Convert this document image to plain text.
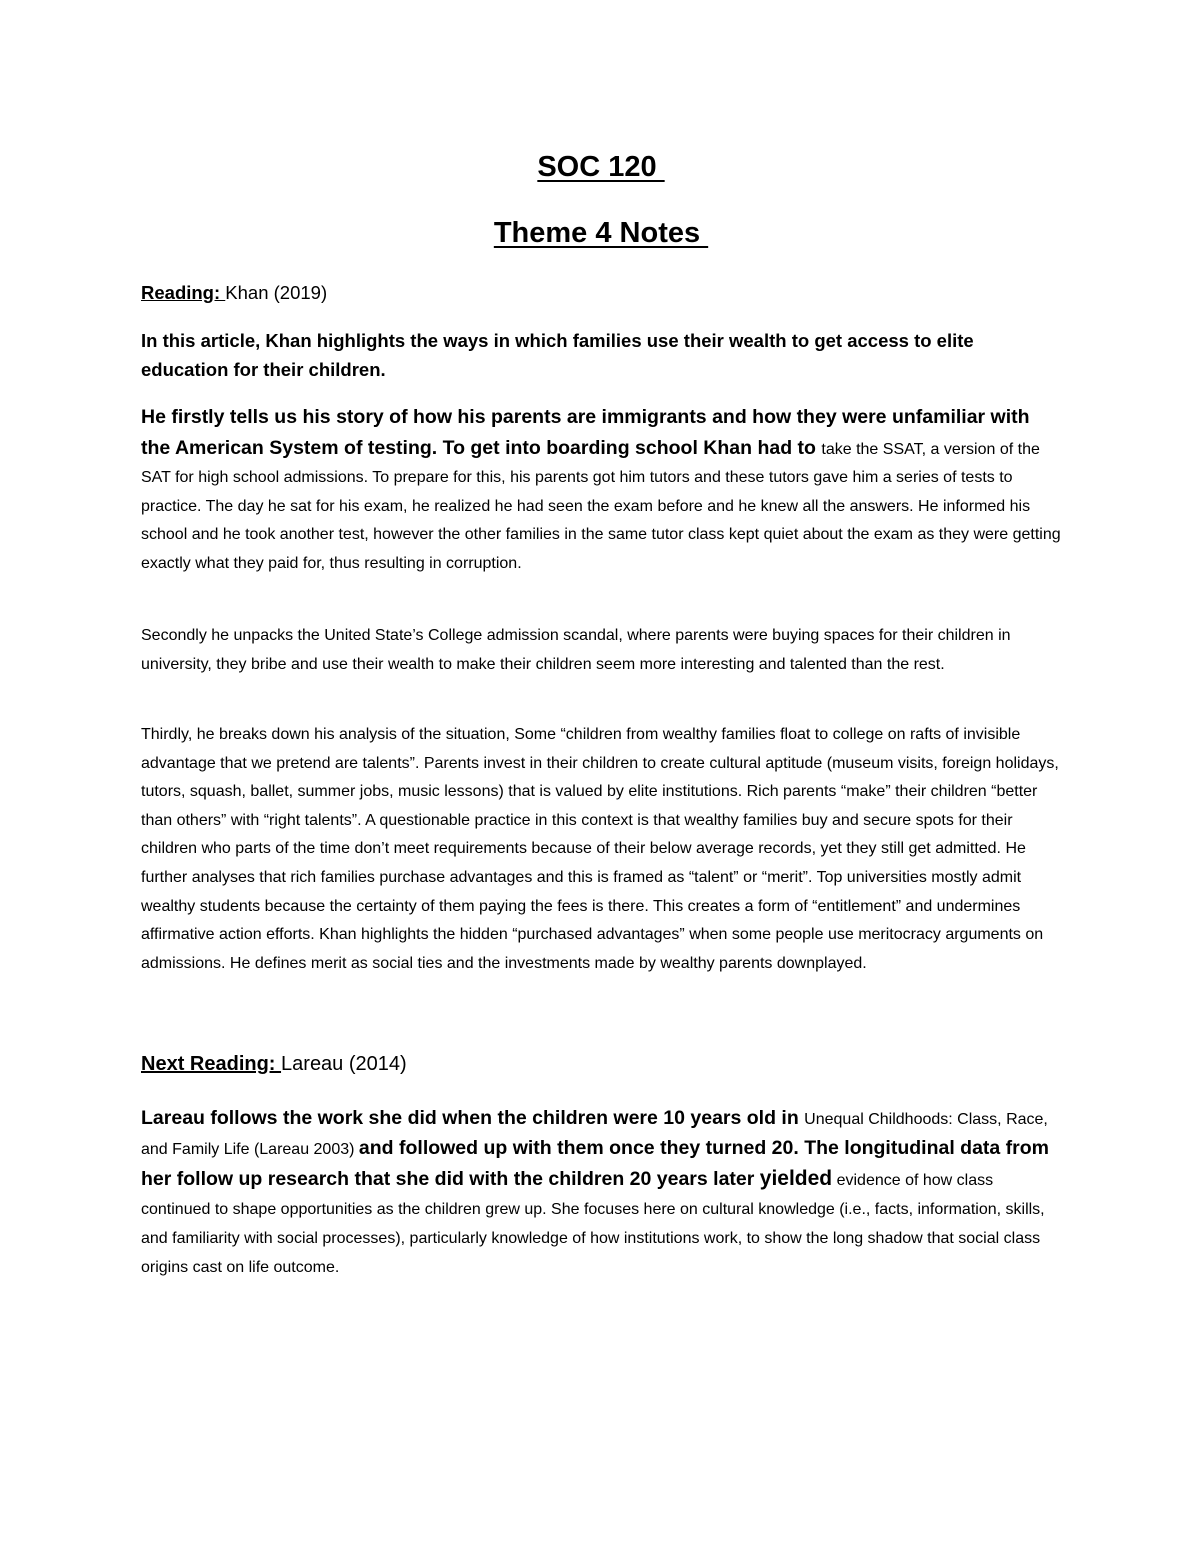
SOC 120
Theme 4 Notes

Reading: Khan (2019)

In this article, Khan highlights the ways in which families use their wealth to get access to elite education for their children.

He firstly tells us his story of how his parents are immigrants and how they were unfamiliar with the American System of testing. To get into boarding school Khan had to take the SSAT, a version of the SAT for high school admissions. To prepare for this, his parents got him tutors and these tutors gave him a series of tests to practice. The day he sat for his exam, he realized he had seen the exam before and he knew all the answers. He informed his school and he took another test, however the other families in the same tutor class kept quiet about the exam as they were getting exactly what they paid for, thus resulting in corruption.

Secondly he unpacks the United State’s College admission scandal, where parents were buying spaces for their children in university, they bribe and use their wealth to make their children seem more interesting and talented than the rest.

Thirdly, he breaks down his analysis of the situation, Some “children from wealthy families float to college on rafts of invisible advantage that we pretend are talents”. Parents invest in their children to create cultural aptitude (museum visits, foreign holidays, tutors, squash, ballet, summer jobs, music lessons) that is valued by elite institutions. Rich parents “make” their children “better than others” with “right talents”. A questionable practice in this context is that wealthy families buy and secure spots for their children who parts of the time don’t meet requirements because of their below average records, yet they still get admitted. He further analyses that rich families purchase advantages and this is framed as “talent” or “merit”. Top universities mostly admit wealthy students because the certainty of them paying the fees is there. This creates a form of “entitlement” and undermines affirmative action efforts. Khan highlights the hidden “purchased advantages” when some people use meritocracy arguments on admissions. He defines merit as social ties and the investments made by wealthy parents downplayed.

Next Reading: Lareau (2014)

Lareau follows the work she did when the children were 10 years old in Unequal Childhoods: Class, Race, and Family Life (Lareau 2003) and followed up with them once they turned 20. The longitudinal data from her follow up research that she did with the children 20 years later yielded evidence of how class continued to shape opportunities as the children grew up. She focuses here on cultural knowledge (i.e., facts, information, skills, and familiarity with social processes), particularly knowledge of how institutions work, to show the long shadow that social class origins cast on life outcome.
